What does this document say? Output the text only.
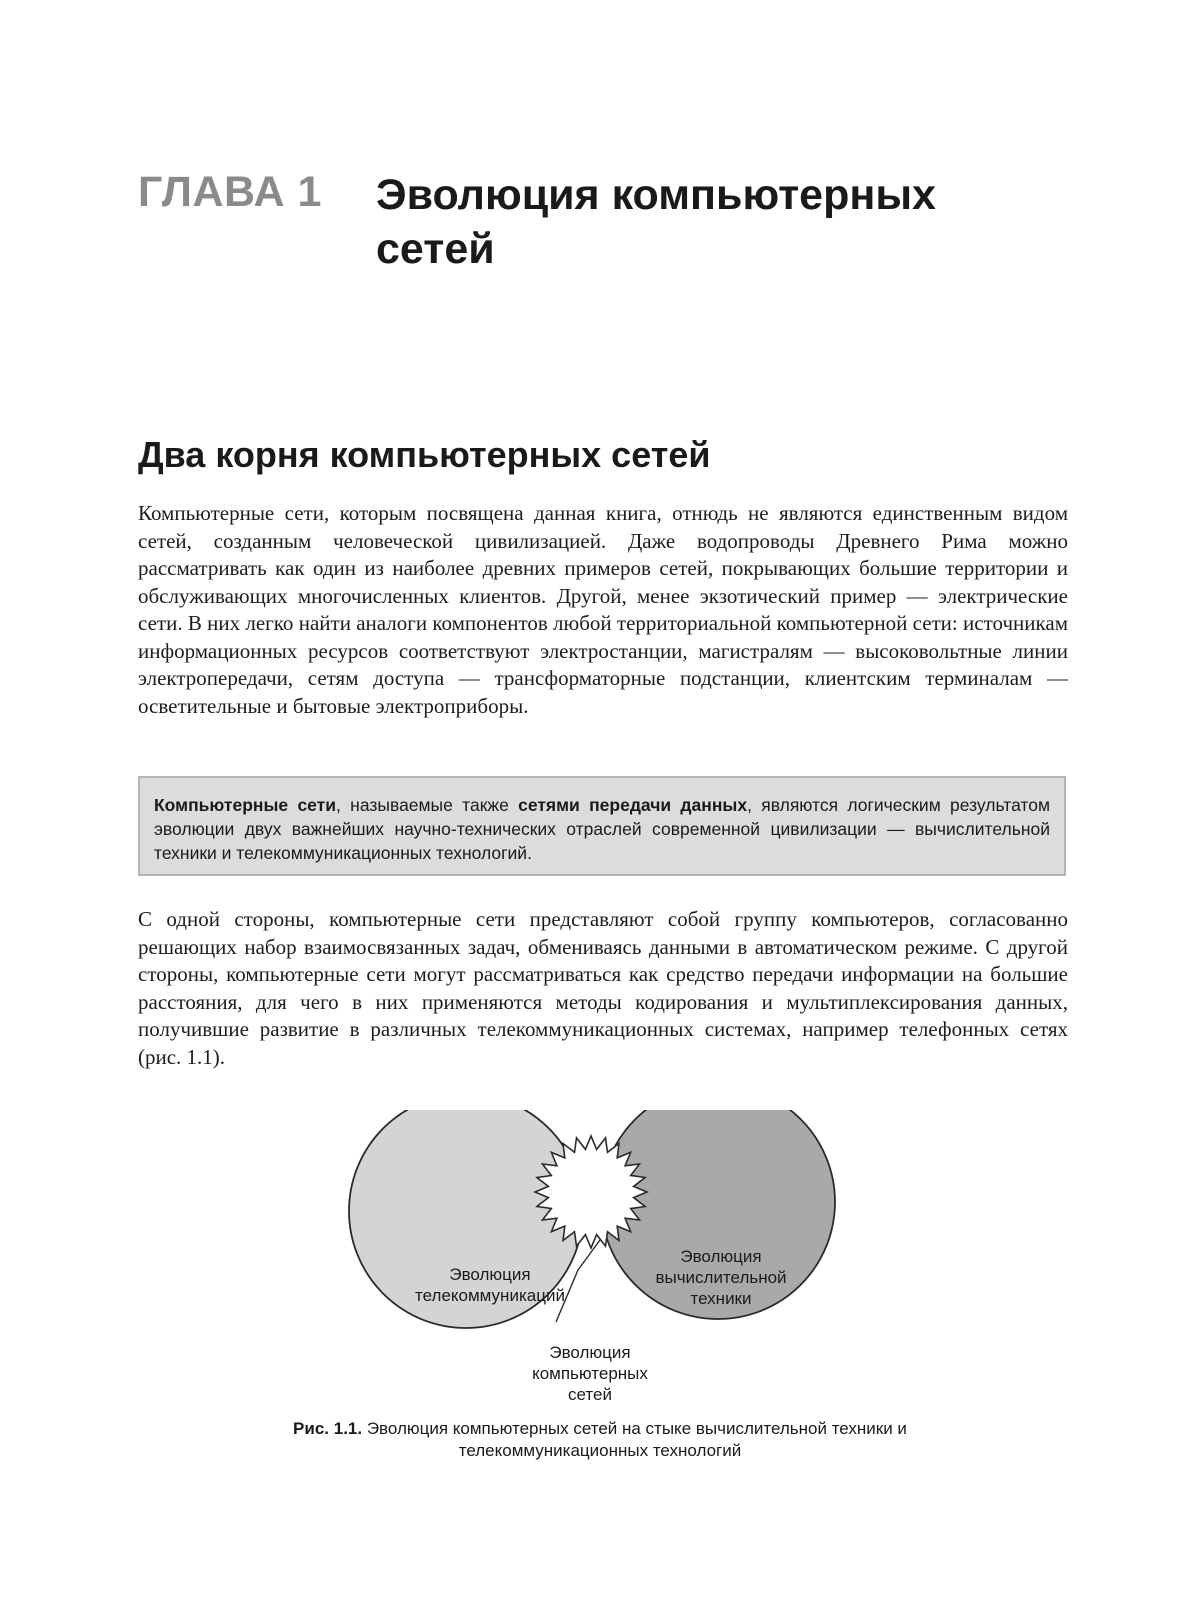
ГЛАВА 1 Эволюция компьютерных сетей
Два корня компьютерных сетей
Компьютерные сети, которым посвящена данная книга, отнюдь не являются единственным видом сетей, созданным человеческой цивилизацией. Даже водопроводы Древнего Рима можно рассматривать как один из наиболее древних примеров сетей, покрывающих большие территории и обслуживающих многочисленных клиентов. Другой, менее экзотический пример — электрические сети. В них легко найти аналоги компонентов любой территориальной компьютерной сети: источникам информационных ресурсов соответствуют электростанции, магистралям — высоковольтные линии электропередачи, сетям доступа — трансформаторные подстанции, клиентским терминалам — осветительные и бытовые электроприборы.
Компьютерные сети, называемые также сетями передачи данных, являются логическим результатом эволюции двух важнейших научно-технических отраслей современной цивилизации — вычислительной техники и телекоммуникационных технологий.
С одной стороны, компьютерные сети представляют собой группу компьютеров, согласованно решающих набор взаимосвязанных задач, обмениваясь данными в автоматическом режиме. С другой стороны, компьютерные сети могут рассматриваться как средство передачи информации на большие расстояния, для чего в них применяются методы кодирования и мультиплексирования данных, получившие развитие в различных телекоммуникационных системах, например телефонных сетях (рис. 1.1).
Эволюция
телекоммуникаций
Эволюция
вычислительной
техники
Эволюция
компьютерных
сетей
Рис. 1.1. Эволюция компьютерных сетей на стыке вычислительной техники и телекоммуникационных технологий
